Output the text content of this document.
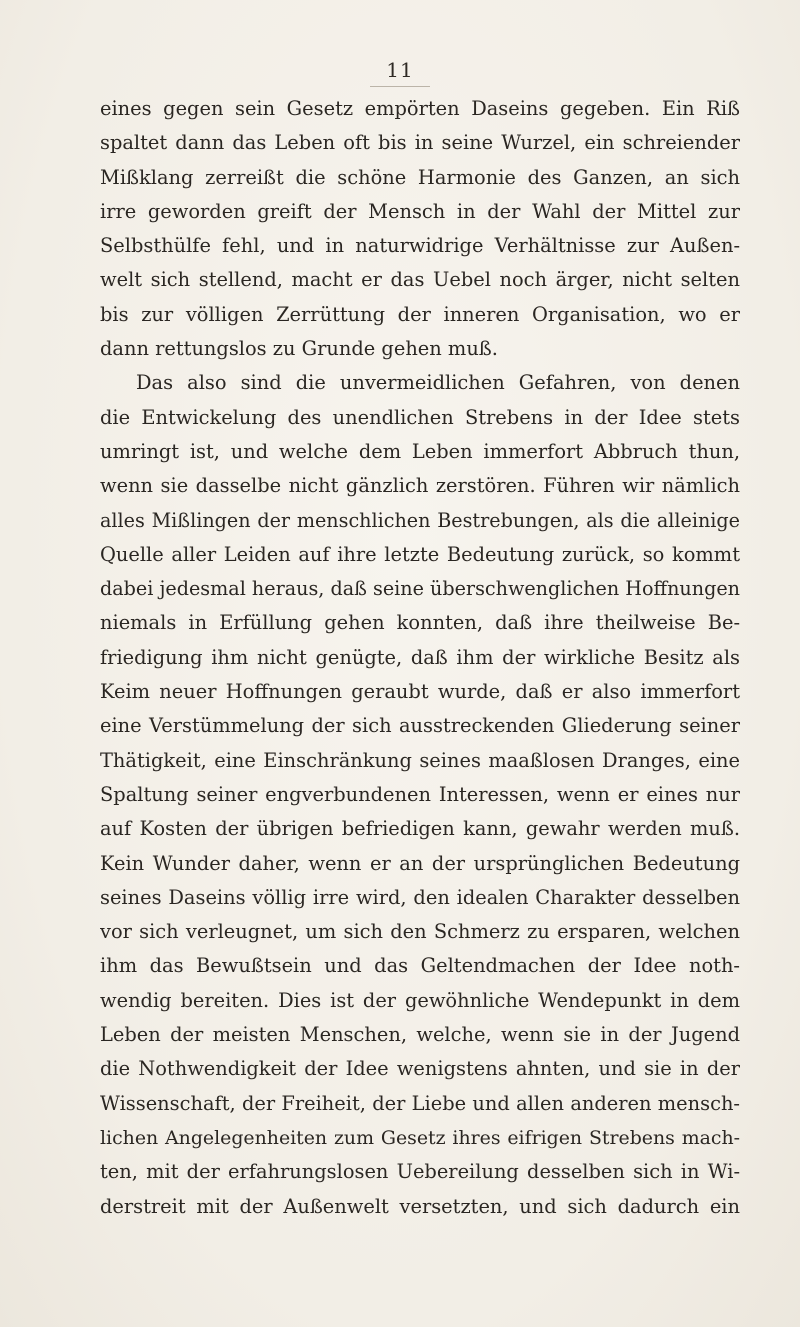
11
eines gegen sein Gesetz empörten Daseins gegeben. Ein Riß
spaltet dann das Leben oft bis in seine Wurzel, ein schreiender
Mißklang zerreißt die schöne Harmonie des Ganzen, an sich
irre geworden greift der Mensch in der Wahl der Mittel zur
Selbsthülfe fehl, und in naturwidrige Verhältnisse zur Außen-
welt sich stellend, macht er das Uebel noch ärger, nicht selten
bis zur völligen Zerrüttung der inneren Organisation, wo er
dann rettungslos zu Grunde gehen muß.
Das also sind die unvermeidlichen Gefahren, von denen
die Entwickelung des unendlichen Strebens in der Idee stets
umringt ist, und welche dem Leben immerfort Abbruch thun,
wenn sie dasselbe nicht gänzlich zerstören. Führen wir nämlich
alles Mißlingen der menschlichen Bestrebungen, als die alleinige
Quelle aller Leiden auf ihre letzte Bedeutung zurück, so kommt
dabei jedesmal heraus, daß seine überschwenglichen Hoffnungen
niemals in Erfüllung gehen konnten, daß ihre theilweise Be-
friedigung ihm nicht genügte, daß ihm der wirkliche Besitz als
Keim neuer Hoffnungen geraubt wurde, daß er also immerfort
eine Verstümmelung der sich ausstreckenden Gliederung seiner
Thätigkeit, eine Einschränkung seines maaßlosen Dranges, eine
Spaltung seiner engverbundenen Interessen, wenn er eines nur
auf Kosten der übrigen befriedigen kann, gewahr werden muß.
Kein Wunder daher, wenn er an der ursprünglichen Bedeutung
seines Daseins völlig irre wird, den idealen Charakter desselben
vor sich verleugnet, um sich den Schmerz zu ersparen, welchen
ihm das Bewußtsein und das Geltendmachen der Idee noth-
wendig bereiten. Dies ist der gewöhnliche Wendepunkt in dem
Leben der meisten Menschen, welche, wenn sie in der Jugend
die Nothwendigkeit der Idee wenigstens ahnten, und sie in der
Wissenschaft, der Freiheit, der Liebe und allen anderen mensch-
lichen Angelegenheiten zum Gesetz ihres eifrigen Strebens mach-
ten, mit der erfahrungslosen Uebereilung desselben sich in Wi-
derstreit mit der Außenwelt versetzten, und sich dadurch ein
